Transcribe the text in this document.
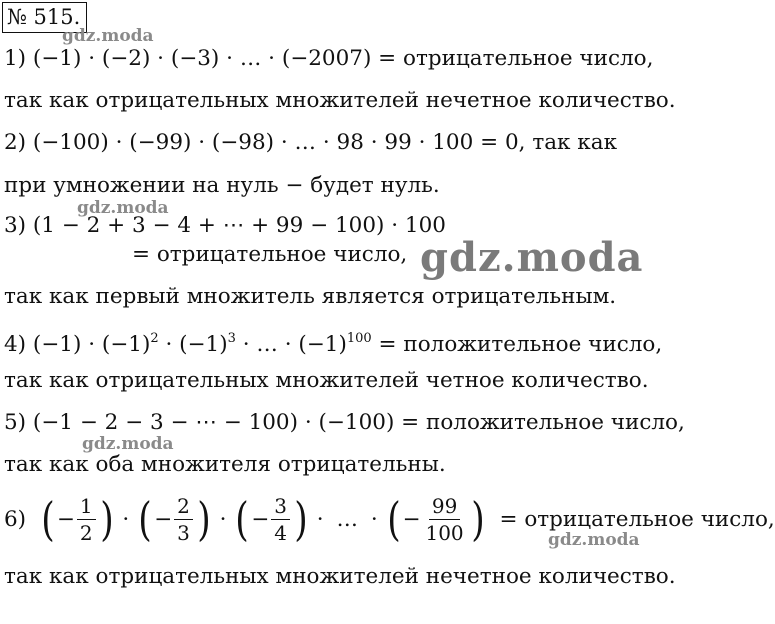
№ 515.
1) (−1) · (−2) · (−3) · … · (−2007) = отрицательное число,
так как отрицательных множителей нечетное количество.
2) (−100) · (−99) · (−98) · … · 98 · 99 · 100 = 0, так как
при умножении на нуль − будет нуль.
3) (1 − 2 + 3 − 4 + ⋯ + 99 − 100) · 100
= отрицательное число,
так как первый множитель является отрицательным.
4) $(-1) \cdot (-1)^2 \cdot (-1)^3$ · … · $(-1)^{100}$ = положительное число,
так как отрицательных множителей четное количество.
5) (−1 − 2 − 3 − ⋯ − 100) · (−100) = положительное число,
так как оба множителя отрицательны.
6) ( − $\frac{1}{2}$ ) · ( − $\frac{2}{3}$ ) · ( − $\frac{3}{4}$ ) · … · ( − $\frac{99}{100}$ ) = отрицательное число,
так как отрицательных множителей нечетное количество.
gdz.moda
gdz.moda
gdz.moda
gdz.moda
gdz.moda
